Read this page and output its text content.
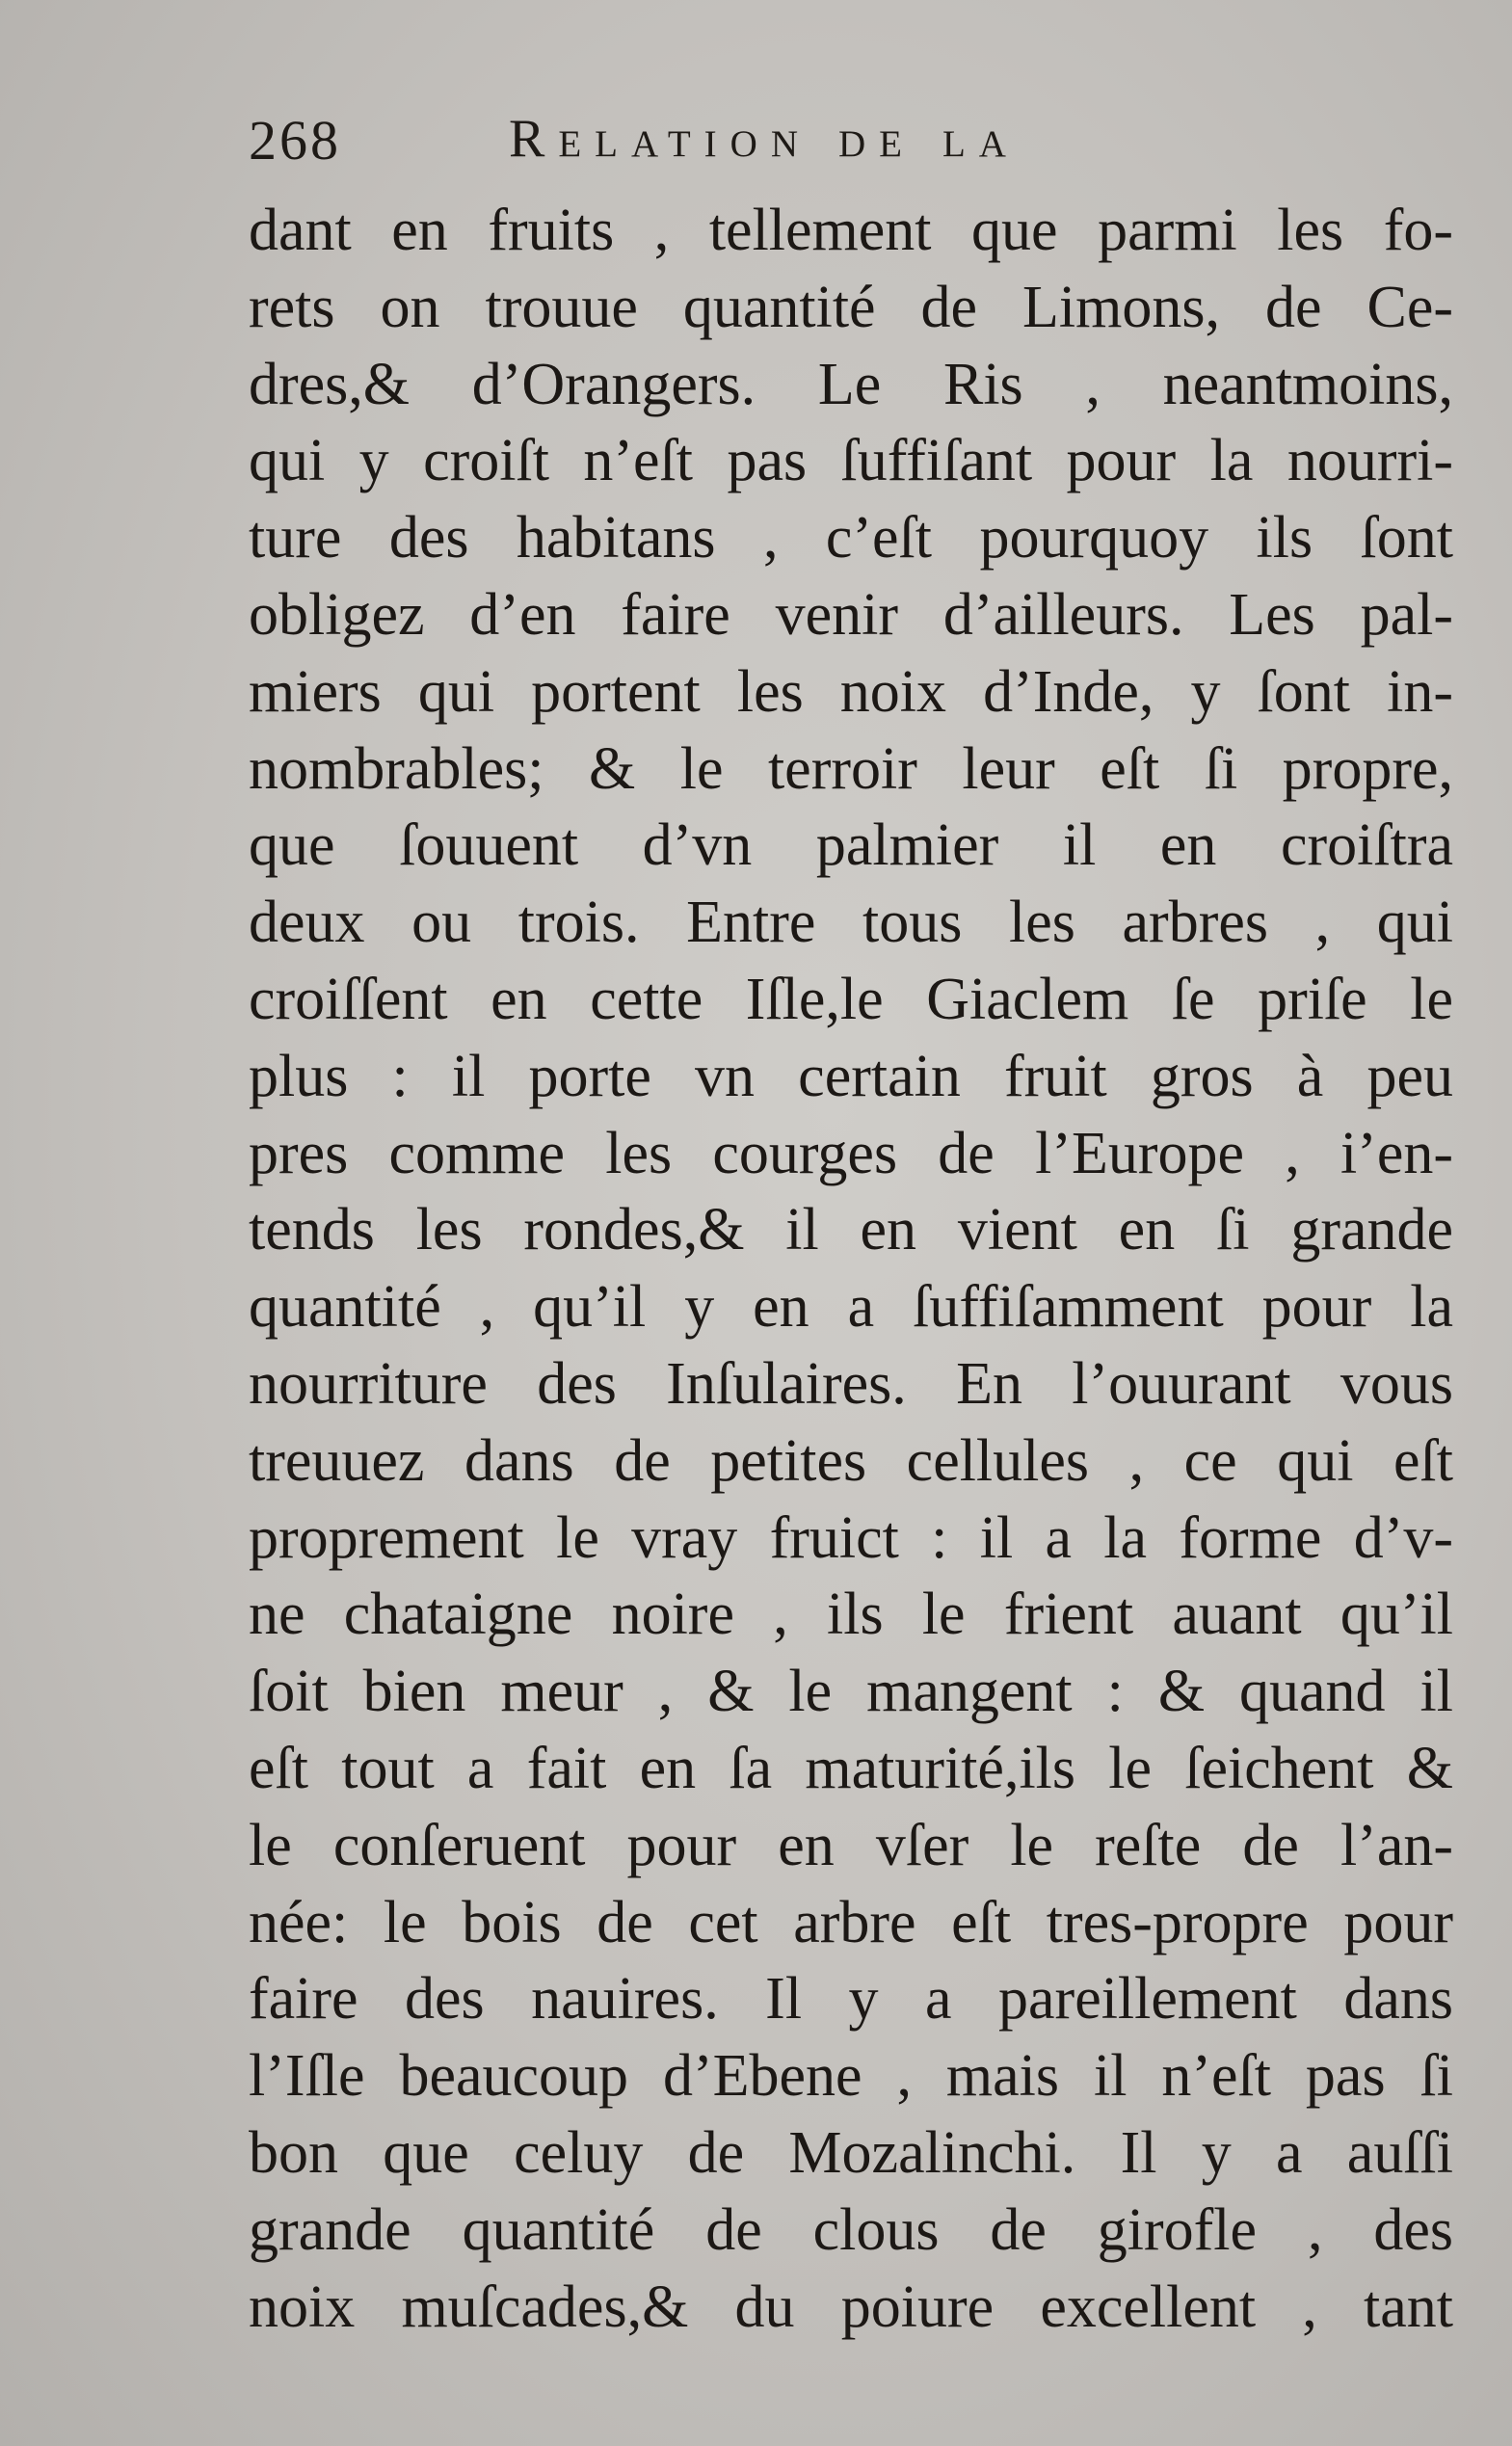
268	Relation de la
dant en fruits , tellement que parmi les fo-
rets on trouue quantité de Limons, de Ce-
dres,& d’Orangers. Le Ris , neantmoins,
qui y croiſt n’eſt pas ſuffiſant pour la nourri-
ture des habitans , c’eſt pourquoy ils ſont
obligez d’en faire venir d’ailleurs. Les pal-
miers qui portent les noix d’Inde, y ſont in-
nombrables; & le terroir leur eſt ſi propre,
que ſouuent d’vn palmier il en croiſtra
deux ou trois. Entre tous les arbres , qui
croiſſent en cette Iſle,le Giaclem ſe priſe le
plus : il porte vn certain fruit gros à peu
pres comme les courges de l’Europe , i’en-
tends les rondes,& il en vient en ſi grande
quantité , qu’il y en a ſuffiſamment pour la
nourriture des Inſulaires. En l’ouurant vous
treuuez dans de petites cellules , ce qui eſt
proprement le vray fruict : il a la forme d’v-
ne chataigne noire , ils le frient auant qu’il
ſoit bien meur , & le mangent : & quand il
eſt tout a fait en ſa maturité,ils le ſeichent &
le conſeruent pour en vſer le reſte de l’an-
née: le bois de cet arbre eſt tres-propre pour
faire des nauires. Il y a pareillement dans
l’Iſle beaucoup d’Ebene , mais il n’eſt pas ſi
bon que celuy de Mozalinchi. Il y a auſſi
grande quantité de clous de girofle , des
noix muſcades,& du poiure excellent , tant
